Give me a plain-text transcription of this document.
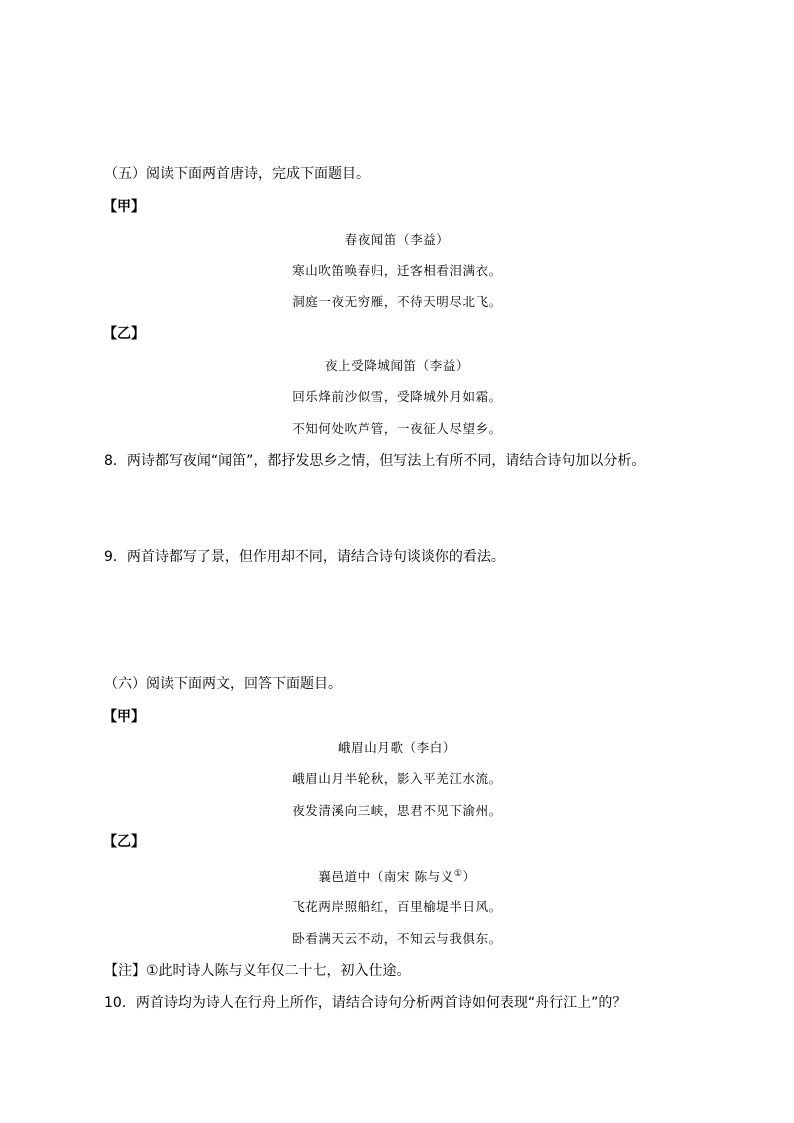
（五）阅读下面两首唐诗，完成下面题目。
【甲】
春夜闻笛（李益）
寒山吹笛唤春归，迁客相看泪满衣。
洞庭一夜无穷雁，不待天明尽北飞。
【乙】
夜上受降城闻笛（李益）
回乐烽前沙似雪，受降城外月如霜。
不知何处吹芦管，一夜征人尽望乡。
8．两诗都写夜闻“闻笛”，都抒发思乡之情，但写法上有所不同，请结合诗句加以分析。
9．两首诗都写了景，但作用却不同，请结合诗句谈谈你的看法。
（六）阅读下面两文，回答下面题目。
【甲】
峨眉山月歌（李白）
峨眉山月半轮秋，影入平羌江水流。
夜发清溪向三峡，思君不见下渝州。
【乙】
襄邑道中（南宋 陈与义①）
飞花两岸照船红，百里榆堤半日风。
卧看满天云不动，不知云与我俱东。
【注】①此时诗人陈与义年仅二十七，初入仕途。
10．两首诗均为诗人在行舟上所作，请结合诗句分析两首诗如何表现“舟行江上”的？
